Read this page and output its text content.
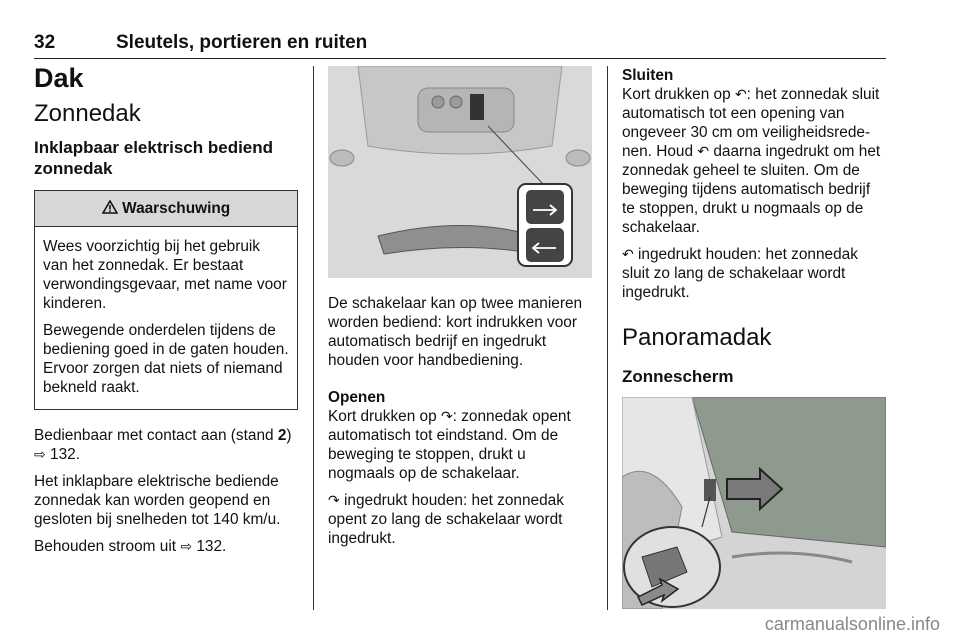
32	Sleutels, portieren en ruiten
Dak
Zonnedak
Inklapbaar elektrisch bediend zonnedak
Waarschuwing

Wees voorzichtig bij het gebruik van het zonnedak. Er bestaat verwondingsgevaar, met name voor kinderen.

Bewegende onderdelen tijdens de bediening goed in de gaten houden. Ervoor zorgen dat niets of niemand bekneld raakt.

Bedienbaar met contact aan (stand 2)
⇨ 132.

Het inklapbare elektrische bediende zonnedak kan worden geopend en gesloten bij snelheden tot 140 km/u.

Behouden stroom uit ⇨ 132.

De schakelaar kan op twee manieren worden bediend: kort indrukken voor automatisch bedrijf en ingedrukt houden voor handbediening.

Openen

Kort drukken op ↷: zonnedak opent automatisch tot eindstand. Om de beweging te stoppen, drukt u nogmaals op de schakelaar.

↷ ingedrukt houden: het zonnedak opent zo lang de schakelaar wordt ingedrukt.

Sluiten

Kort drukken op ↶: het zonnedak sluit automatisch tot een opening van ongeveer 30 cm om veiligheidsrede-nen. Houd ↶ daarna ingedrukt om het zonnedak geheel te sluiten. Om de beweging tijdens automatisch bedrijf te stoppen, drukt u nogmaals op de schakelaar.

↶ ingedrukt houden: het zonnedak sluit zo lang de schakelaar wordt ingedrukt.

Panoramadak
Zonnescherm
carmanualsonline.info
